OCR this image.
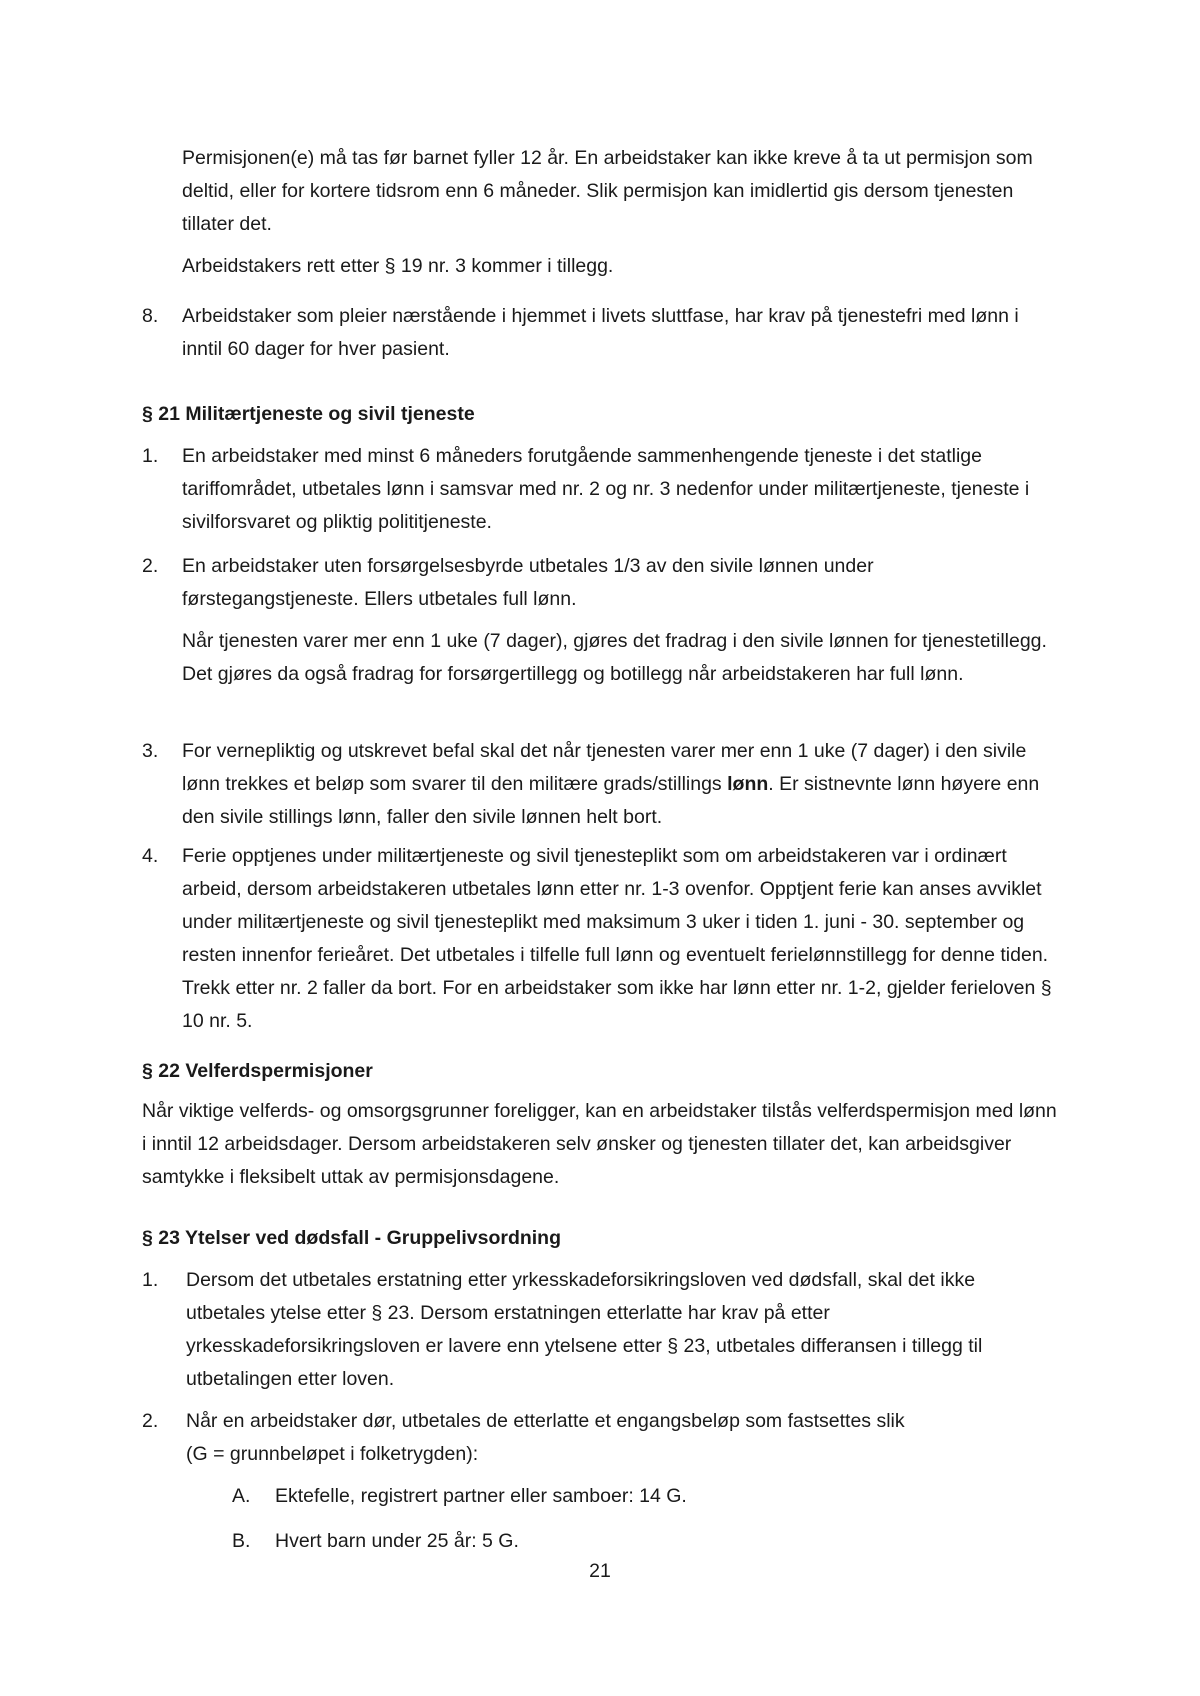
Permisjonen(e) må tas før barnet fyller 12 år. En arbeidstaker kan ikke kreve å ta ut permisjon som deltid, eller for kortere tidsrom enn 6 måneder. Slik permisjon kan imidlertid gis dersom tjenesten tillater det.
Arbeidstakers rett etter § 19 nr. 3 kommer i tillegg.
8. Arbeidstaker som pleier nærstående i hjemmet i livets sluttfase, har krav på tjenestefri med lønn i inntil 60 dager for hver pasient.
§ 21 Militærtjeneste og sivil tjeneste
1. En arbeidstaker med minst 6 måneders forutgående sammenhengende tjeneste i det statlige tariffområdet, utbetales lønn i samsvar med nr. 2 og nr. 3 nedenfor under militærtjeneste, tjeneste i sivilforsvaret og pliktig polititjeneste.
2. En arbeidstaker uten forsørgelsesbyrde utbetales 1/3 av den sivile lønnen under førstegangstjeneste. Ellers utbetales full lønn.
Når tjenesten varer mer enn 1 uke (7 dager), gjøres det fradrag i den sivile lønnen for tjenestetillegg. Det gjøres da også fradrag for forsørgertillegg og botillegg når arbeidstakeren har full lønn.
3. For vernepliktig og utskrevet befal skal det når tjenesten varer mer enn 1 uke (7 dager) i den sivile lønn trekkes et beløp som svarer til den militære grads/stillings lønn. Er sistnevnte lønn høyere enn den sivile stillings lønn, faller den sivile lønnen helt bort.
4. Ferie opptjenes under militærtjeneste og sivil tjenesteplikt som om arbeidstakeren var i ordinært arbeid, dersom arbeidstakeren utbetales lønn etter nr. 1-3 ovenfor. Opptjent ferie kan anses avviklet under militærtjeneste og sivil tjenesteplikt med maksimum 3 uker i tiden 1. juni - 30. september og resten innenfor ferieåret. Det utbetales i tilfelle full lønn og eventuelt ferielønnstillegg for denne tiden. Trekk etter nr. 2 faller da bort. For en arbeidstaker som ikke har lønn etter nr. 1-2, gjelder ferieloven § 10 nr. 5.
§ 22 Velferdspermisjoner
Når viktige velferds- og omsorgsgrunner foreligger, kan en arbeidstaker tilstås velferdspermisjon med lønn i inntil 12 arbeidsdager. Dersom arbeidstakeren selv ønsker og tjenesten tillater det, kan arbeidsgiver samtykke i fleksibelt uttak av permisjonsdagene.
§ 23 Ytelser ved dødsfall - Gruppelivsordning
1. Dersom det utbetales erstatning etter yrkesskadeforsikringsloven ved dødsfall, skal det ikke utbetales ytelse etter § 23. Dersom erstatningen etterlatte har krav på etter yrkesskadeforsikringsloven er lavere enn ytelsene etter § 23, utbetales differansen i tillegg til utbetalingen etter loven.
2. Når en arbeidstaker dør, utbetales de etterlatte et engangsbeløp som fastsettes slik
(G = grunnbeløpet i folketrygden):
A. Ektefelle, registrert partner eller samboer: 14 G.
B. Hvert barn under 25 år: 5 G.
21
